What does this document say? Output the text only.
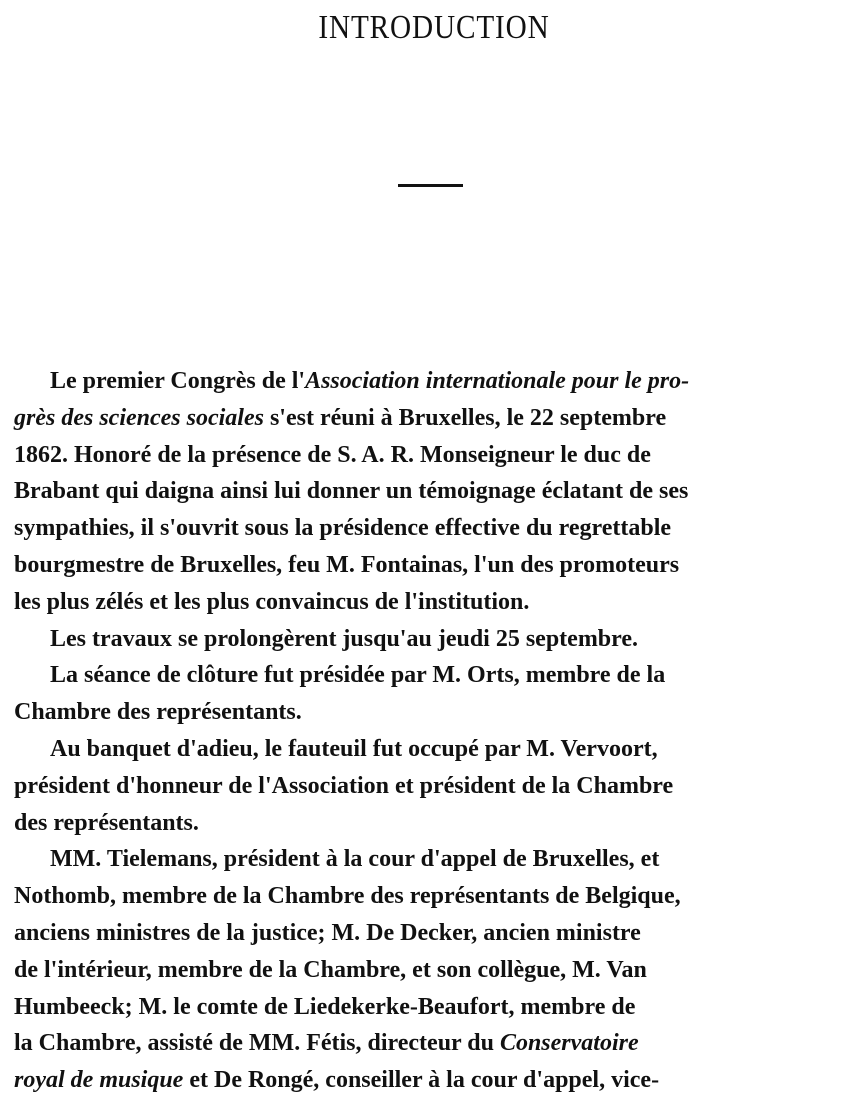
INTRODUCTION
Le premier Congrès de l'Association internationale pour le pro-
grès des sciences sociales s'est réuni à Bruxelles, le 22 septembre
1862. Honoré de la présence de S. A. R. Monseigneur le duc de
Brabant qui daigna ainsi lui donner un témoignage éclatant de ses
sympathies, il s'ouvrit sous la présidence effective du regrettable
bourgmestre de Bruxelles, feu M. Fontainas, l'un des promoteurs
les plus zélés et les plus convaincus de l'institution.
Les travaux se prolongèrent jusqu'au jeudi 25 septembre.
La séance de clôture fut présidée par M. Orts, membre de la
Chambre des représentants.
Au banquet d'adieu, le fauteuil fut occupé par M. Vervoort,
président d'honneur de l'Association et président de la Chambre
des représentants.
MM. Tielemans, président à la cour d'appel de Bruxelles, et
Nothomb, membre de la Chambre des représentants de Belgique,
anciens ministres de la justice; M. De Decker, ancien ministre
de l'intérieur, membre de la Chambre, et son collègue, M. Van
Humbeeck; M. le comte de Liedekerke-Beaufort, membre de
la Chambre, assisté de MM. Fétis, directeur du Conservatoire
royal de musique et De Rongé, conseiller à la cour d'appel, vice-
